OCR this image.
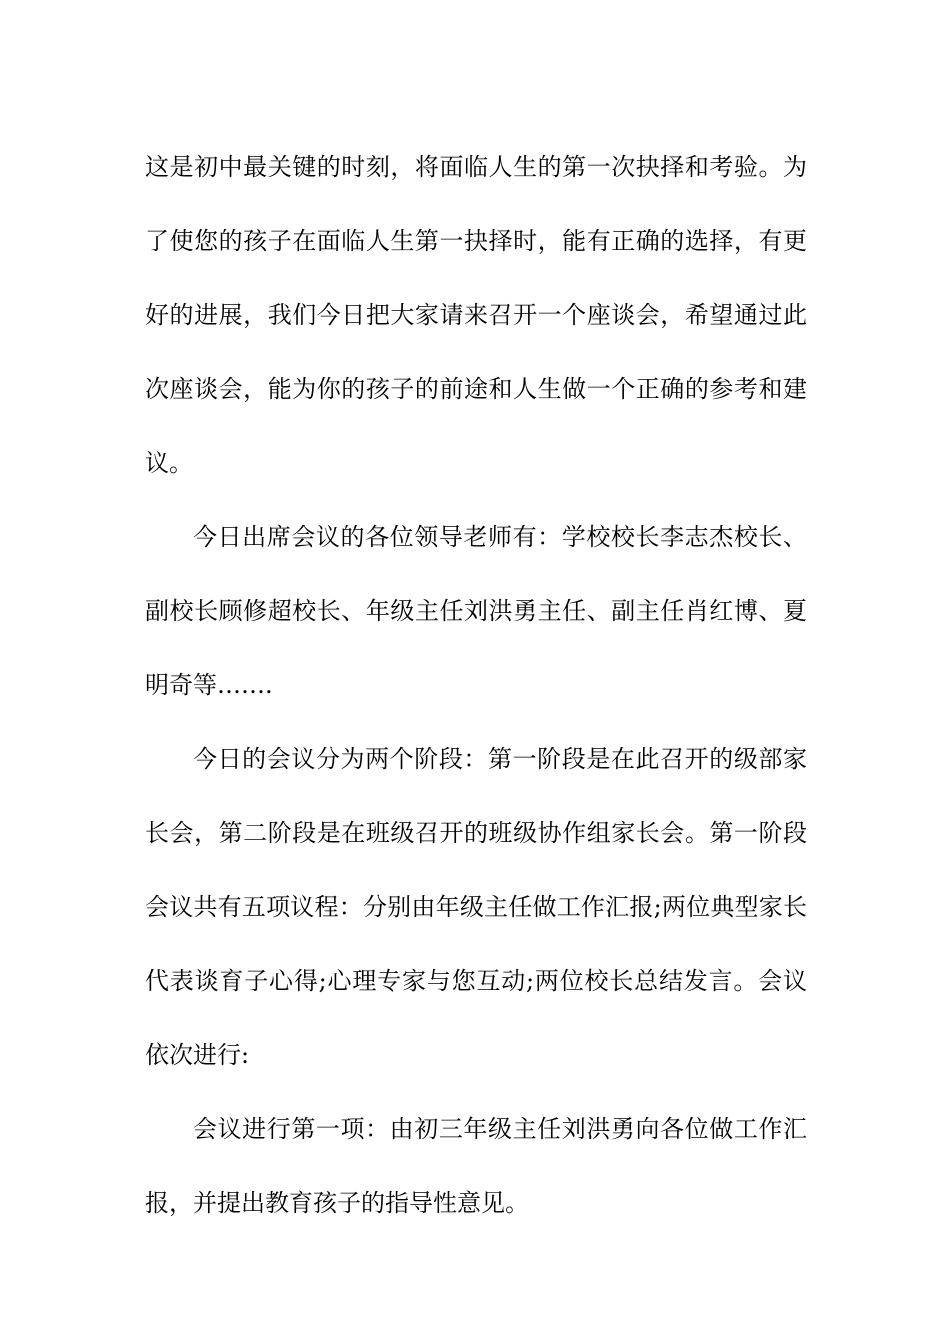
这是初中最关键的时刻，将面临人生的第一次抉择和考验。为了使您的孩子在面临人生第一抉择时，能有正确的选择，有更好的进展，我们今日把大家请来召开一个座谈会，希望通过此次座谈会，能为你的孩子的前途和人生做一个正确的参考和建议。

今日出席会议的各位领导老师有：学校校长李志杰校长、副校长顾修超校长、年级主任刘洪勇主任、副主任肖红博、夏明奇等…….

今日的会议分为两个阶段：第一阶段是在此召开的级部家长会，第二阶段是在班级召开的班级协作组家长会。第一阶段会议共有五项议程：分别由年级主任做工作汇报;两位典型家长代表谈育子心得;心理专家与您互动;两位校长总结发言。会议依次进行:

会议进行第一项：由初三年级主任刘洪勇向各位做工作汇报，并提出教育孩子的指导性意见。
